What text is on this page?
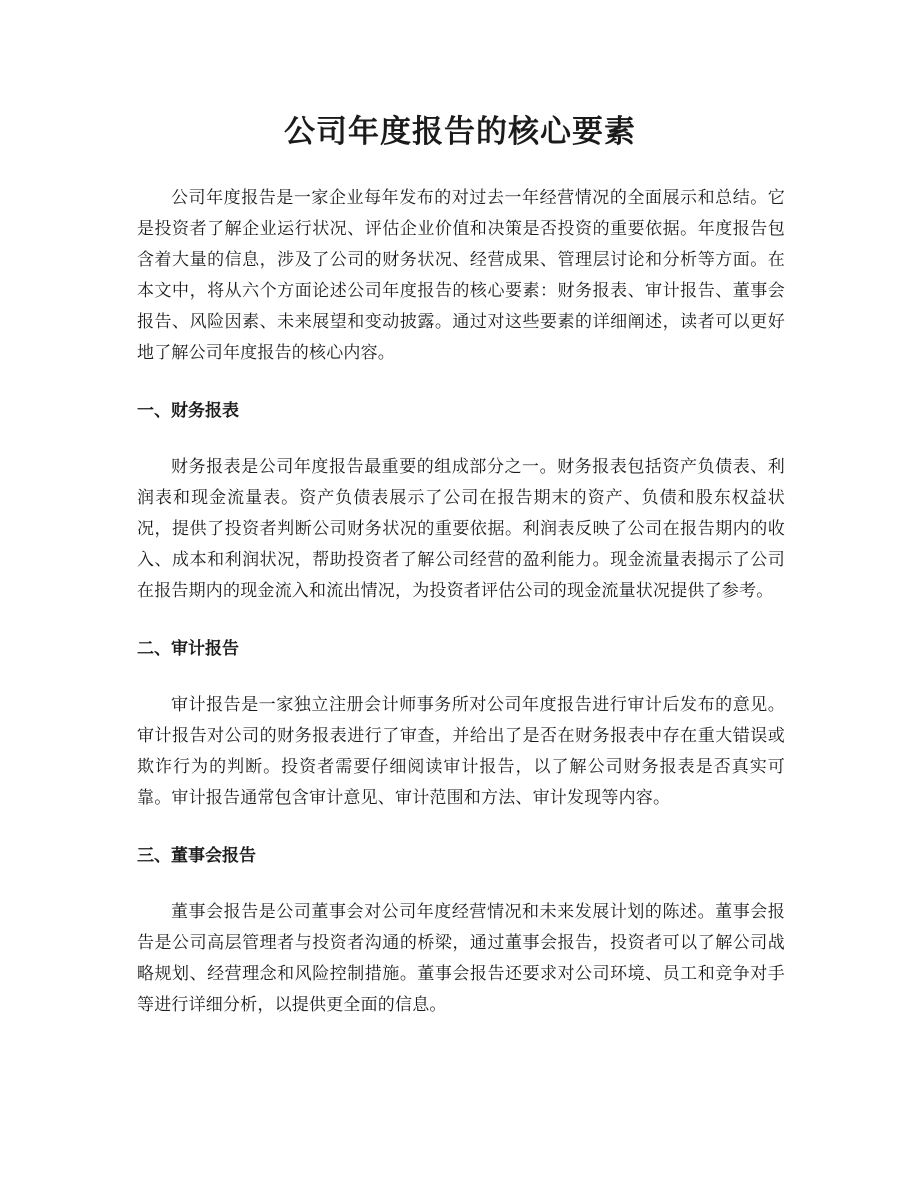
公司年度报告的核心要素

公司年度报告是一家企业每年发布的对过去一年经营情况的全面展示和总结。它是投资者了解企业运行状况、评估企业价值和决策是否投资的重要依据。年度报告包含着大量的信息，涉及了公司的财务状况、经营成果、管理层讨论和分析等方面。在本文中，将从六个方面论述公司年度报告的核心要素：财务报表、审计报告、董事会报告、风险因素、未来展望和变动披露。通过对这些要素的详细阐述，读者可以更好地了解公司年度报告的核心内容。

一、财务报表

财务报表是公司年度报告最重要的组成部分之一。财务报表包括资产负债表、利润表和现金流量表。资产负债表展示了公司在报告期末的资产、负债和股东权益状况，提供了投资者判断公司财务状况的重要依据。利润表反映了公司在报告期内的收入、成本和利润状况，帮助投资者了解公司经营的盈利能力。现金流量表揭示了公司在报告期内的现金流入和流出情况，为投资者评估公司的现金流量状况提供了参考。

二、审计报告

审计报告是一家独立注册会计师事务所对公司年度报告进行审计后发布的意见。审计报告对公司的财务报表进行了审查，并给出了是否在财务报表中存在重大错误或欺诈行为的判断。投资者需要仔细阅读审计报告，以了解公司财务报表是否真实可靠。审计报告通常包含审计意见、审计范围和方法、审计发现等内容。

三、董事会报告

董事会报告是公司董事会对公司年度经营情况和未来发展计划的陈述。董事会报告是公司高层管理者与投资者沟通的桥梁，通过董事会报告，投资者可以了解公司战略规划、经营理念和风险控制措施。董事会报告还要求对公司环境、员工和竞争对手等进行详细分析，以提供更全面的信息。
